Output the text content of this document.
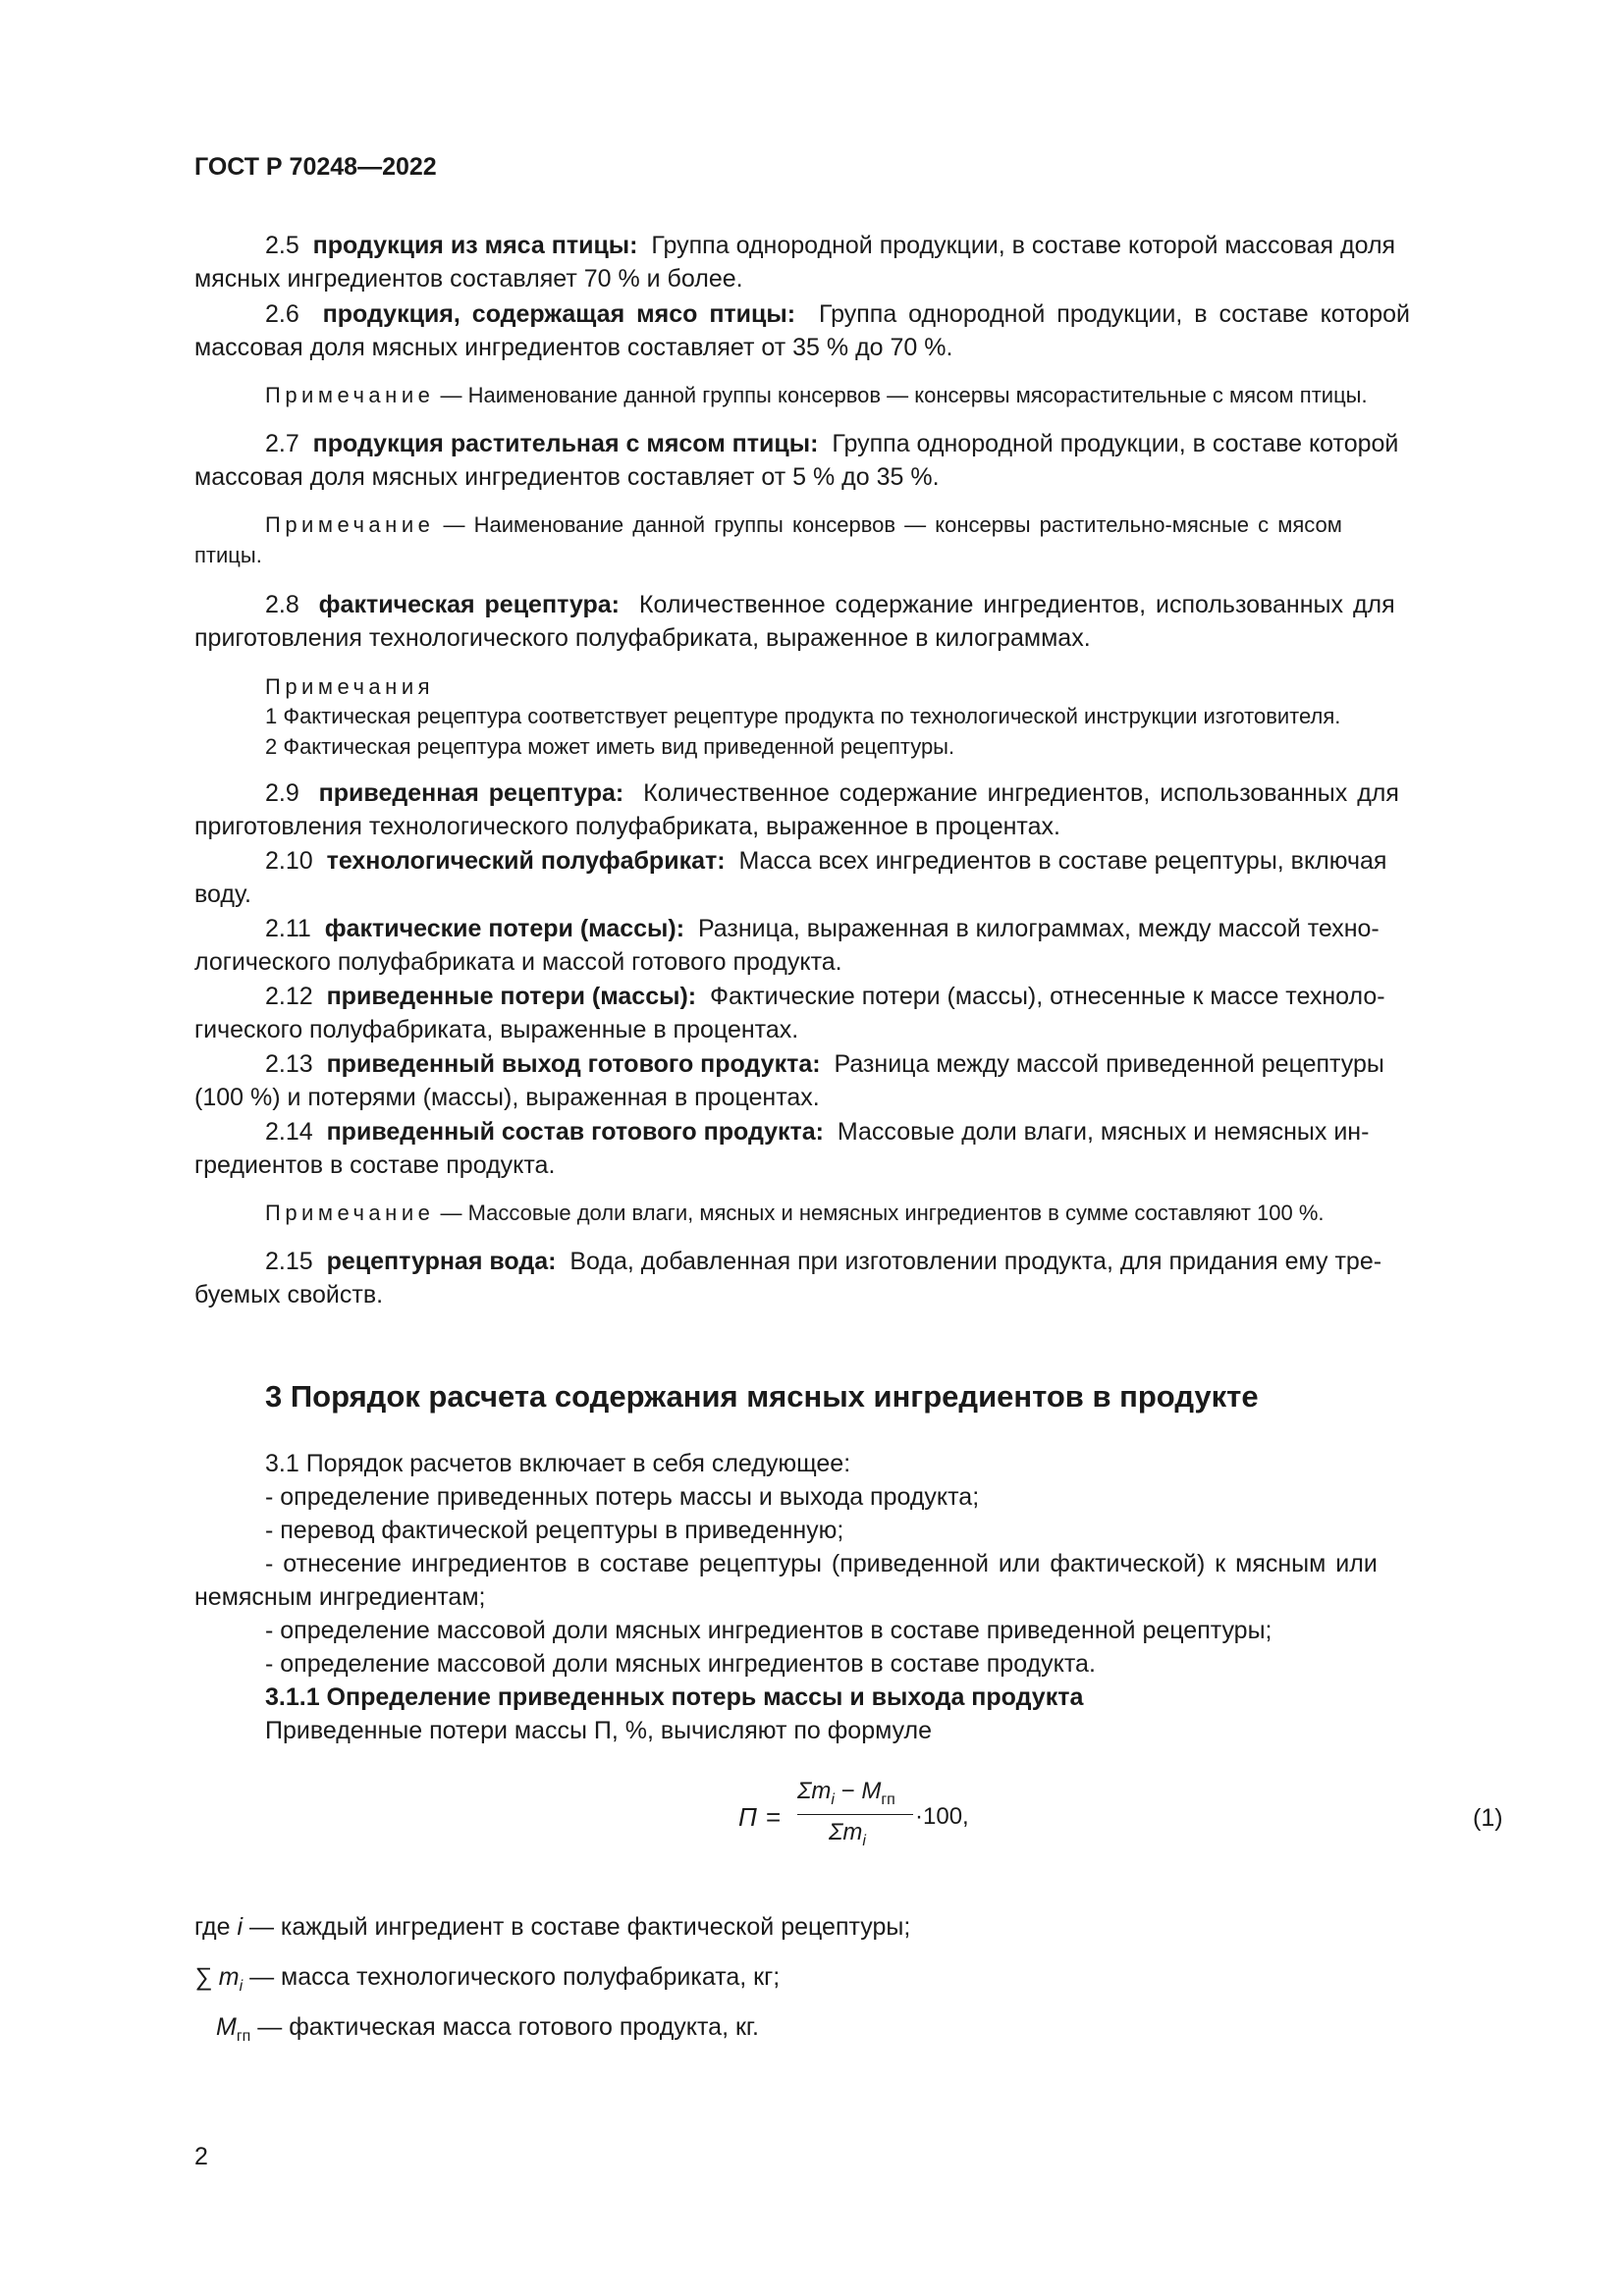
ГОСТ Р 70248—2022
2.5 продукция из мяса птицы: Группа однородной продукции, в составе которой массовая доля
мясных ингредиентов составляет 70 % и более.
2.6 продукция, содержащая мясо птицы: Группа однородной продукции, в составе которой
массовая доля мясных ингредиентов составляет от 35 % до 70 %.
Примечание — Наименование данной группы консервов — консервы мясорастительные с мясом птицы.
2.7 продукция растительная с мясом птицы: Группа однородной продукции, в составе которой
массовая доля мясных ингредиентов составляет от 5 % до 35 %.
Примечание — Наименование данной группы консервов — консервы растительно-мясные с мясом
птицы.
2.8 фактическая рецептура: Количественное содержание ингредиентов, использованных для
приготовления технологического полуфабриката, выраженное в килограммах.
Примечания
1 Фактическая рецептура соответствует рецептуре продукта по технологической инструкции изготовителя.
2 Фактическая рецептура может иметь вид приведенной рецептуры.
2.9 приведенная рецептура: Количественное содержание ингредиентов, использованных для
приготовления технологического полуфабриката, выраженное в процентах.
2.10 технологический полуфабрикат: Масса всех ингредиентов в составе рецептуры, включая
воду.
2.11 фактические потери (массы): Разница, выраженная в килограммах, между массой техно-
логического полуфабриката и массой готового продукта.
2.12 приведенные потери (массы): Фактические потери (массы), отнесенные к массе техноло-
гического полуфабриката, выраженные в процентах.
2.13 приведенный выход готового продукта: Разница между массой приведенной рецептуры
(100 %) и потерями (массы), выраженная в процентах.
2.14 приведенный состав готового продукта: Массовые доли влаги, мясных и немясных ин-
гредиентов в составе продукта.
Примечание — Массовые доли влаги, мясных и немясных ингредиентов в сумме составляют 100 %.
2.15 рецептурная вода: Вода, добавленная при изготовлении продукта, для придания ему тре-
буемых свойств.
3 Порядок расчета содержания мясных ингредиентов в продукте
3.1 Порядок расчетов включает в себя следующее:
- определение приведенных потерь массы и выхода продукта;
- перевод фактической рецептуры в приведенную;
- отнесение ингредиентов в составе рецептуры (приведенной или фактической) к мясным или
немясным ингредиентам;
- определение массовой доли мясных ингредиентов в составе приведенной рецептуры;
- определение массовой доли мясных ингредиентов в составе продукта.
3.1.1 Определение приведенных потерь массы и выхода продукта
Приведенные потери массы П, %, вычисляют по формуле
П =
$\Sigma m_i - M_{гп}$
$\Sigma m_i$
·100,	(1)
где i — каждый ингредиент в составе фактической рецептуры;
∑ $m_i$ — масса технологического полуфабриката, кг;
$M_{гп}$ — фактическая масса готового продукта, кг.
2
